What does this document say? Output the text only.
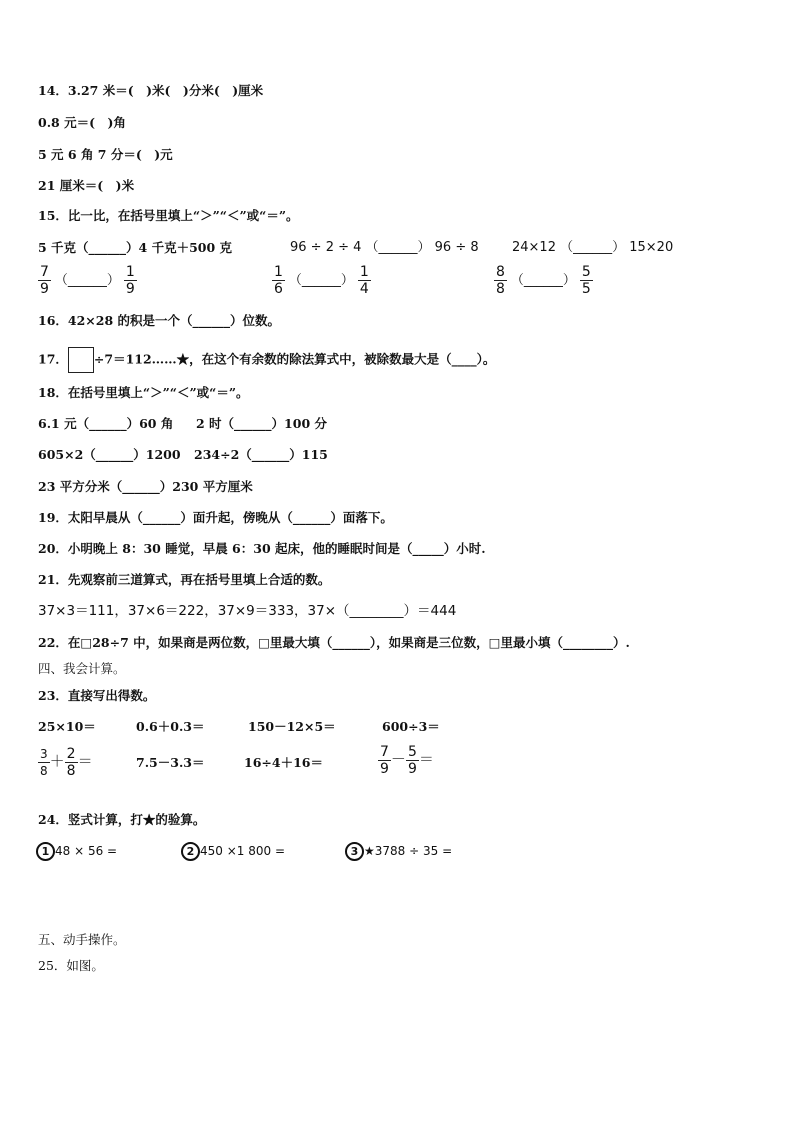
14．3.27 米＝(　)米(　)分米(　)厘米
0.8 元＝(　)角
5 元 6 角 7 分＝(　)元
21 厘米＝(　)米
15．比一比，在括号里填上“＞”“＜”或“＝”。
5 千克（______）4 千克＋500 克	96 ÷ 2 ÷ 4 （______） 96 ÷ 8	24×12 （______） 15×20
$\frac{7}{9}$ （______） $\frac{1}{9}$	$\frac{1}{6}$ （______） $\frac{1}{4}$	$\frac{8}{8}$ （______） $\frac{5}{5}$
16．42×28 的积是一个（______）位数。
17． ÷7＝112……★，在这个有余数的除法算式中，被除数最大是（____）。
18．在括号里填上“＞”“＜”或“＝”。
6.1 元（______）60 角 2 时（______）100 分
605×2（______）1200 234÷2（______）115
23 平方分米（______）230 平方厘米
19．太阳早晨从（______）面升起，傍晚从（______）面落下。
20．小明晚上 8：30 睡觉，早晨 6：30 起床，他的睡眠时间是（_____）小时.
21．先观察前三道算式，再在括号里填上合适的数。
37×3＝111，37×6＝222，37×9＝333，37×（________）＝444
22．在□28÷7 中，如果商是两位数，□里最大填（______），如果商是三位数，□里最小填（________）.
四、我会计算。
23．直接写出得数。
25×10＝	0.6＋0.3＝	150－12×5＝	600÷3＝
$\frac{3}{8} + \frac{2}{8}$ ＝	7.5－3.3＝	16÷4＋16＝	$\frac{7}{9} - \frac{5}{9}$ ＝
24．竖式计算，打★的验算。
1 48 × 56 =	2 450 ×1 800 =	3 ★3788 ÷ 35 =
五、动手操作。
25．如图。
